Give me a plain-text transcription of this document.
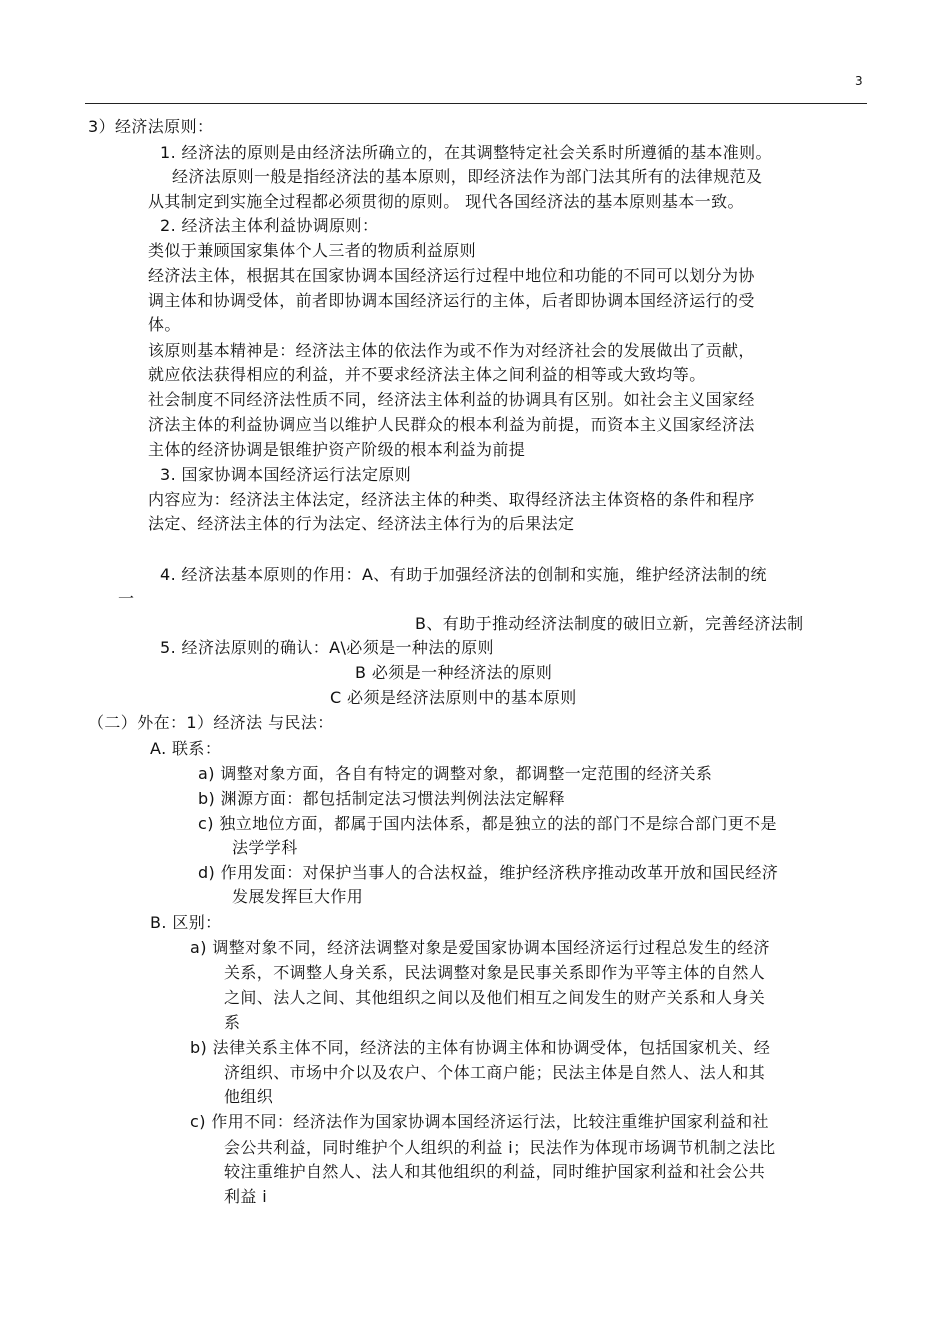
3
3）经济法原则：
1. 经济法的原则是由经济法所确立的，在其调整特定社会关系时所遵循的基本准则。
经济法原则一般是指经济法的基本原则，即经济法作为部门法其所有的法律规范及
从其制定到实施全过程都必须贯彻的原则。 现代各国经济法的基本原则基本一致。
2. 经济法主体利益协调原则：
类似于兼顾国家集体个人三者的物质利益原则
经济法主体，根据其在国家协调本国经济运行过程中地位和功能的不同可以划分为协
调主体和协调受体，前者即协调本国经济运行的主体，后者即协调本国经济运行的受
体。
该原则基本精神是：经济法主体的依法作为或不作为对经济社会的发展做出了贡献，
就应依法获得相应的利益，并不要求经济法主体之间利益的相等或大致均等。
社会制度不同经济法性质不同，经济法主体利益的协调具有区别。如社会主义国家经
济法主体的利益协调应当以维护人民群众的根本利益为前提，而资本主义国家经济法
主体的经济协调是银维护资产阶级的根本利益为前提
3. 国家协调本国经济运行法定原则
内容应为：经济法主体法定，经济法主体的种类、取得经济法主体资格的条件和程序
法定、经济法主体的行为法定、经济法主体行为的后果法定
4. 经济法基本原则的作用：A、有助于加强经济法的创制和实施，维护经济法制的统
一
B、有助于推动经济法制度的破旧立新，完善经济法制
5. 经济法原则的确认：A\必须是一种法的原则
B 必须是一种经济法的原则
C 必须是经济法原则中的基本原则
（二）外在：1）经济法 与民法：
A. 联系：
a) 调整对象方面，各自有特定的调整对象，都调整一定范围的经济关系
b) 渊源方面：都包括制定法习惯法判例法法定解释
c) 独立地位方面，都属于国内法体系，都是独立的法的部门不是综合部门更不是
法学学科
d) 作用发面：对保护当事人的合法权益，维护经济秩序推动改革开放和国民经济
发展发挥巨大作用
B. 区别：
a) 调整对象不同，经济法调整对象是爱国家协调本国经济运行过程总发生的经济
关系，不调整人身关系，民法调整对象是民事关系即作为平等主体的自然人
之间、法人之间、其他组织之间以及他们相互之间发生的财产关系和人身关
系
b) 法律关系主体不同，经济法的主体有协调主体和协调受体，包括国家机关、经
济组织、市场中介以及农户、个体工商户能；民法主体是自然人、法人和其
他组织
c) 作用不同：经济法作为国家协调本国经济运行法，比较注重维护国家利益和社
会公共利益，同时维护个人组织的利益 i；民法作为体现市场调节机制之法比
较注重维护自然人、法人和其他组织的利益，同时维护国家利益和社会公共
利益 i
